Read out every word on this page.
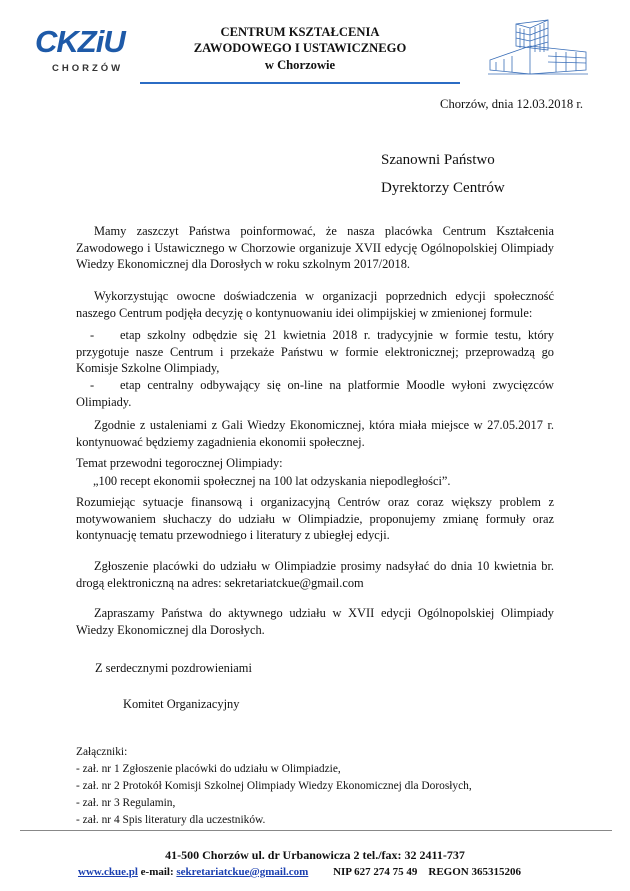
CKZiU
CHORZÓW
CENTRUM KSZTAŁCENIA
ZAWODOWEGO I USTAWICZNEGO
w Chorzowie
Chorzów, dnia 12.03.2018 r.
Szanowni Państwo
Dyrektorzy Centrów

Mamy zaszczyt Państwa poinformować, że nasza placówka Centrum Kształcenia Zawodowego i Ustawicznego w Chorzowie organizuje XVII edycję Ogólnopolskiej Olimpiady Wiedzy Ekonomicznej dla Dorosłych w roku szkolnym 2017/2018.

Wykorzystując owocne doświadczenia w organizacji poprzednich edycji społeczność naszego Centrum podjęła decyzję o kontynuowaniu idei olimpijskiej w zmienionej formule:

- etap szkolny odbędzie się 21 kwietnia 2018 r. tradycyjnie w formie testu, który przygotuje nasze Centrum i przekaże Państwu w formie elektronicznej; przeprowadzą go Komisje Szkolne Olimpiady,

- etap centralny odbywający się on-line na platformie Moodle wyłoni zwycięzców Olimpiady.

Zgodnie z ustaleniami z Gali Wiedzy Ekonomicznej, która miała miejsce w 27.05.2017 r. kontynuować będziemy zagadnienia ekonomii społecznej.

Temat przewodni tegorocznej Olimpiady:
„100 recept ekonomii społecznej na 100 lat odzyskania niepodległości”.

Rozumiejąc sytuacje finansową i organizacyjną Centrów oraz coraz większy problem z motywowaniem słuchaczy do udziału w Olimpiadzie, proponujemy zmianę formuły oraz kontynuację tematu przewodniego i literatury z ubiegłej edycji.

Zgłoszenie placówki do udziału w Olimpiadzie prosimy nadsyłać do dnia 10 kwietnia br. drogą elektroniczną na adres: sekretariatckue@gmail.com

Zapraszamy Państwa do aktywnego udziału w XVII edycji Ogólnopolskiej Olimpiady Wiedzy Ekonomicznej dla Dorosłych.

Z serdecznymi pozdrowieniami
Komitet Organizacyjny
Załączniki:
- zał. nr 1 Zgłoszenie placówki do udziału w Olimpiadzie,
- zał. nr 2 Protokół Komisji Szkolnej Olimpiady Wiedzy Ekonomicznej dla Dorosłych,
- zał. nr 3 Regulamin,
- zał. nr 4 Spis literatury dla uczestników.
41-500 Chorzów ul. dr Urbanowicza 2 tel./fax: 32 2411-737
www.ckue.pl e-mail: sekretariatckue@gmail.com NIP 627 274 75 49 REGON 365315206
